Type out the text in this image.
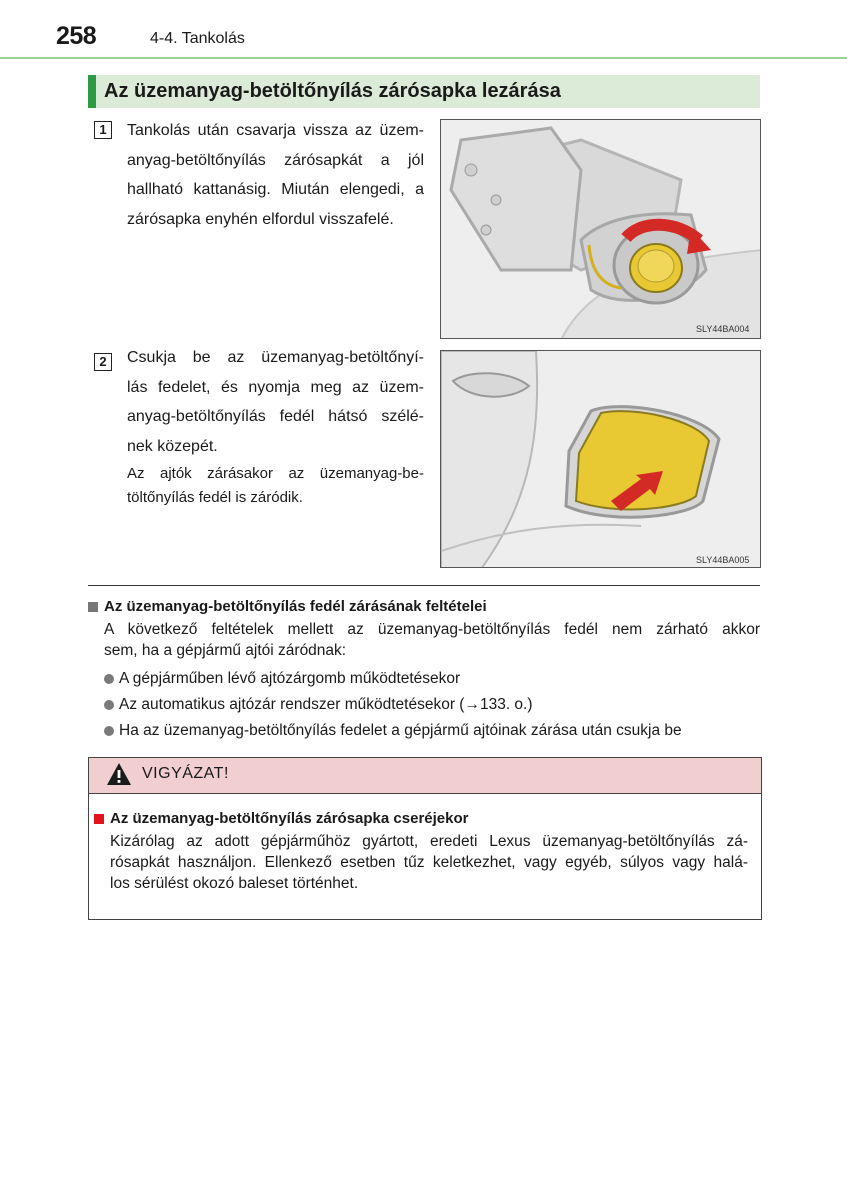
258	4-4. Tankolás
Az üzemanyag-betöltőnyílás zárósapka lezárása
1	Tankolás után csavarja vissza az üzem-
anyag-betöltőnyílás zárósapkát a jól
hallható kattanásig. Miután elengedi, a
zárósapka enyhén elfordul visszafelé.
SLY44BA004
2	Csukja be az üzemanyag-betöltőnyí-
lás fedelet, és nyomja meg az üzem-
anyag-betöltőnyílás fedél hátsó szélé-
nek közepét.
Az ajtók zárásakor az üzemanyag-be-
töltőnyílás fedél is záródik.
SLY44BA005
Az üzemanyag-betöltőnyílás fedél zárásának feltételei
A következő feltételek mellett az üzemanyag-betöltőnyílás fedél nem zárható akkor
sem, ha a gépjármű ajtói záródnak:
A gépjárműben lévő ajtózárgomb működtetésekor
Az automatikus ajtózár rendszer működtetésekor (→133. o.)
Ha az üzemanyag-betöltőnyílás fedelet a gépjármű ajtóinak zárása után csukja be
VIGYÁZAT!
Az üzemanyag-betöltőnyílás zárósapka cseréjekor
Kizárólag az adott gépjárműhöz gyártott, eredeti Lexus üzemanyag-betöltőnyílás zá-
rósapkát használjon. Ellenkező esetben tűz keletkezhet, vagy egyéb, súlyos vagy halá-
los sérülést okozó baleset történhet.
